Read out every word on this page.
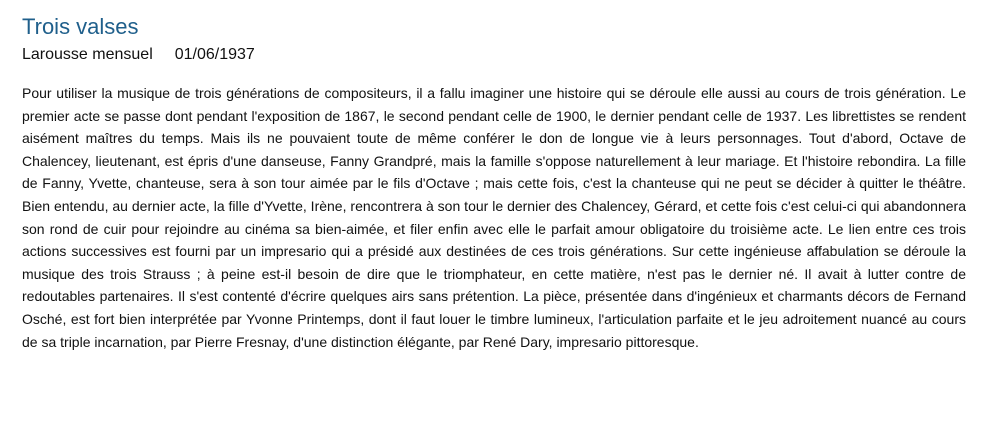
Trois valses
Larousse mensuel 01/06/1937

Pour utiliser la musique de trois générations de compositeurs, il a fallu imaginer une histoire qui se déroule elle aussi au cours de trois génération. Le premier acte se passe dont pendant l'exposition de 1867, le second pendant celle de 1900, le dernier pendant celle de 1937. Les librettistes se rendent aisément maîtres du temps. Mais ils ne pouvaient toute de même conférer le don de longue vie à leurs personnages. Tout d'abord, Octave de Chalencey, lieutenant, est épris d'une danseuse, Fanny Grandpré, mais la famille s'oppose naturellement à leur mariage. Et l'histoire rebondira. La fille de Fanny, Yvette, chanteuse, sera à son tour aimée par le fils d'Octave ; mais cette fois, c'est la chanteuse qui ne peut se décider à quitter le théâtre. Bien entendu, au dernier acte, la fille d'Yvette, Irène, rencontrera à son tour le dernier des Chalencey, Gérard, et cette fois c'est celui-ci qui abandonnera son rond de cuir pour rejoindre au cinéma sa bien-aimée, et filer enfin avec elle le parfait amour obligatoire du troisième acte. Le lien entre ces trois actions successives est fourni par un impresario qui a présidé aux destinées de ces trois générations. Sur cette ingénieuse affabulation se déroule la musique des trois Strauss ; à peine est-il besoin de dire que le triomphateur, en cette matière, n'est pas le dernier né. Il avait à lutter contre de redoutables partenaires. Il s'est contenté d'écrire quelques airs sans prétention. La pièce, présentée dans d'ingénieux et charmants décors de Fernand Osché, est fort bien interprétée par Yvonne Printemps, dont il faut louer le timbre lumineux, l'articulation parfaite et le jeu adroitement nuancé au cours de sa triple incarnation, par Pierre Fresnay, d'une distinction élégante, par René Dary, impresario pittoresque.
